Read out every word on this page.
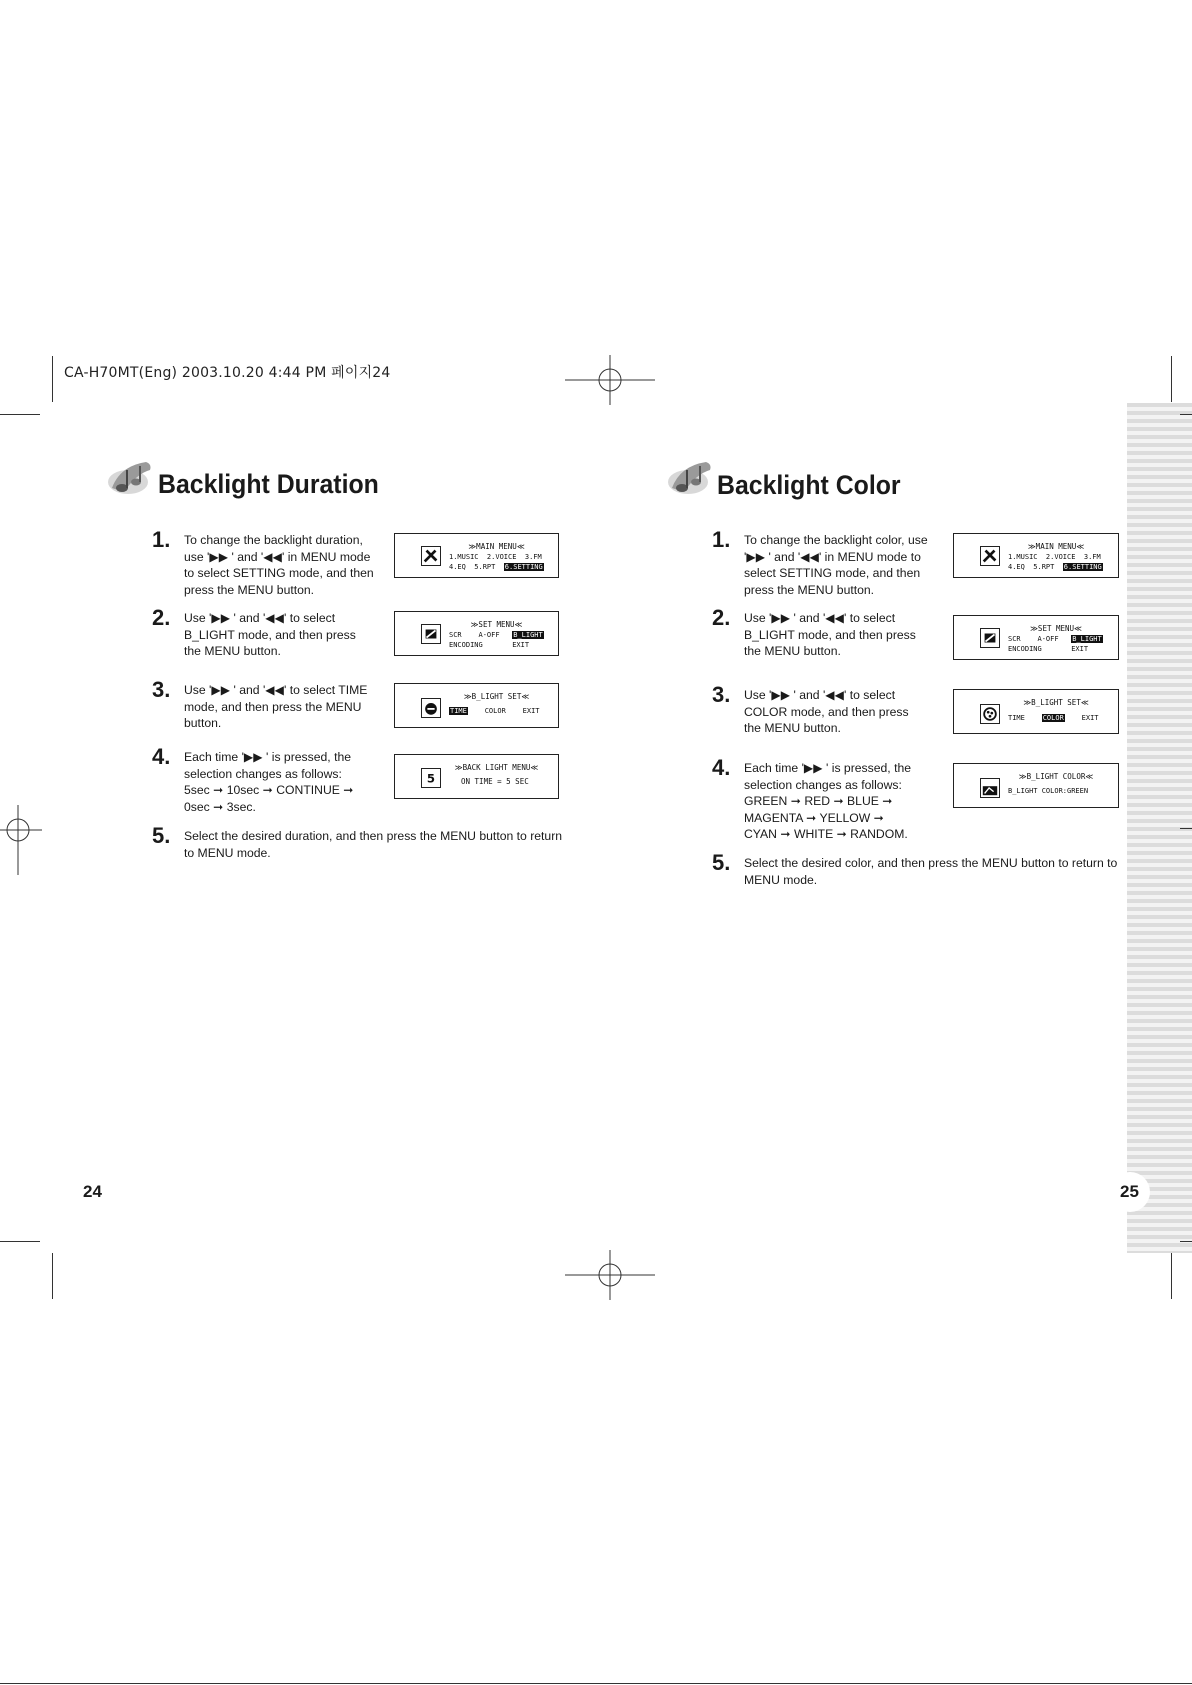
CA-H70MT(Eng) 2003.10.20 4:44 PM 페이지24
Backlight Duration
1. To change the backlight duration,
use '▶▶ ' and '◀◀' in MENU mode
to select SETTING mode, and then
press the MENU button.
2. Use '▶▶ ' and '◀◀' to select
B_LIGHT mode, and then press
the MENU button.
3. Use '▶▶ ' and '◀◀' to select TIME
mode, and then press the MENU
button.
4. Each time '▶▶ ' is pressed, the
selection changes as follows:
5sec ➞ 10sec ➞ CONTINUE ➞
0sec ➞ 3sec.
5. Select the desired duration, and then press the MENU button to return
to MENU mode.
≫MAIN MENU≪
1.MUSIC  2.VOICE  3.FM
4.EQ  5.RPT  6.SETTING
≫SET MENU≪
SCR    A-OFF   B_LIGHT
ENCODING       EXIT
≫B_LIGHT SET≪
TIME    COLOR    EXIT
5
≫BACK LIGHT MENU≪
ON TIME = 5 SEC
24
Backlight Color
1. To change the backlight color, use
'▶▶ ' and '◀◀' in MENU mode to
select SETTING mode, and then
press the MENU button.
2. Use '▶▶ ' and '◀◀' to select
B_LIGHT mode, and then press
the MENU button.
3. Use '▶▶ ' and '◀◀' to select
COLOR mode, and then press
the MENU button.
4. Each time '▶▶ ' is pressed, the
selection changes as follows:
GREEN ➞ RED ➞ BLUE ➞
MAGENTA ➞ YELLOW ➞
CYAN ➞ WHITE ➞ RANDOM.
5. Select the desired color, and then press the MENU button to return to
MENU mode.
≫MAIN MENU≪
1.MUSIC  2.VOICE  3.FM
4.EQ  5.RPT  6.SETTING
≫SET MENU≪
SCR    A-OFF   B_LIGHT
ENCODING       EXIT
≫B_LIGHT SET≪
TIME    COLOR    EXIT
≫B_LIGHT COLOR≪
B_LIGHT COLOR:GREEN
25
